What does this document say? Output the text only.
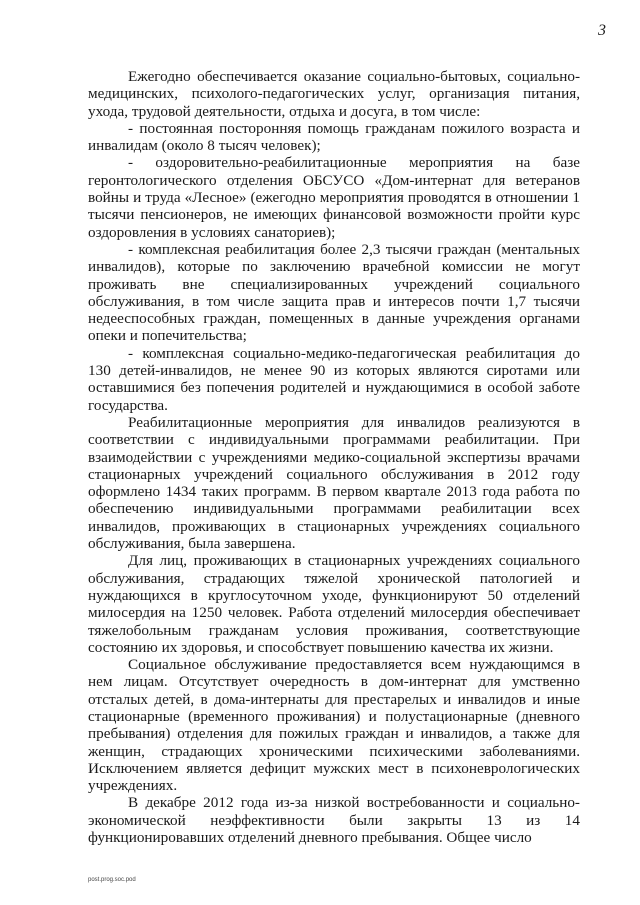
3

Ежегодно обеспечивается оказание социально-бытовых, социально-медицинских, психолого-педагогических услуг, организация питания, ухода, трудовой деятельности, отдыха и досуга, в том числе:

- постоянная посторонняя помощь гражданам пожилого возраста и инвалидам (около 8 тысяч человек);

- оздоровительно-реабилитационные мероприятия на базе геронтологического отделения ОБСУСО «Дом-интернат для ветеранов войны и труда «Лесное» (ежегодно мероприятия проводятся в отношении 1 тысячи пенсионеров, не имеющих финансовой возможности пройти курс оздоровления в условиях санаториев);

- комплексная реабилитация более 2,3 тысячи граждан (ментальных инвалидов), которые по заключению врачебной комиссии не могут проживать вне специализированных учреждений социального обслуживания, в том числе защита прав и интересов почти 1,7 тысячи недееспособных граждан, помещенных в данные учреждения органами опеки и попечительства;

- комплексная социально-медико-педагогическая реабилитация до 130 детей-инвалидов, не менее 90 из которых являются сиротами или оставшимися без попечения родителей и нуждающимися в особой заботе государства.

Реабилитационные мероприятия для инвалидов реализуются в соответствии с индивидуальными программами реабилитации. При взаимодействии с учреждениями медико-социальной экспертизы врачами стационарных учреждений социального обслуживания в 2012 году оформлено 1434 таких программ. В первом квартале 2013 года работа по обеспечению индивидуальными программами реабилитации всех инвалидов, проживающих в стационарных учреждениях социального обслуживания, была завершена.

Для лиц, проживающих в стационарных учреждениях социального обслуживания, страдающих тяжелой хронической патологией и нуждающихся в круглосуточном уходе, функционируют 50 отделений милосердия на 1250 человек. Работа отделений милосердия обеспечивает тяжелобольным гражданам условия проживания, соответствующие состоянию их здоровья, и способствует повышению качества их жизни.

Социальное обслуживание предоставляется всем нуждающимся в нем лицам. Отсутствует очередность в дом-интернат для умственно отсталых детей, в дома-интернаты для престарелых и инвалидов и иные стационарные (временного проживания) и полустационарные (дневного пребывания) отделения для пожилых граждан и инвалидов, а также для женщин, страдающих хроническими психическими заболеваниями. Исключением является дефицит мужских мест в психоневрологических учреждениях.

В декабре 2012 года из-за низкой востребованности и социально-экономической неэффективности были закрыты 13 из 14 функционировавших отделений дневного пребывания. Общее число

post.prog.soc.pod
